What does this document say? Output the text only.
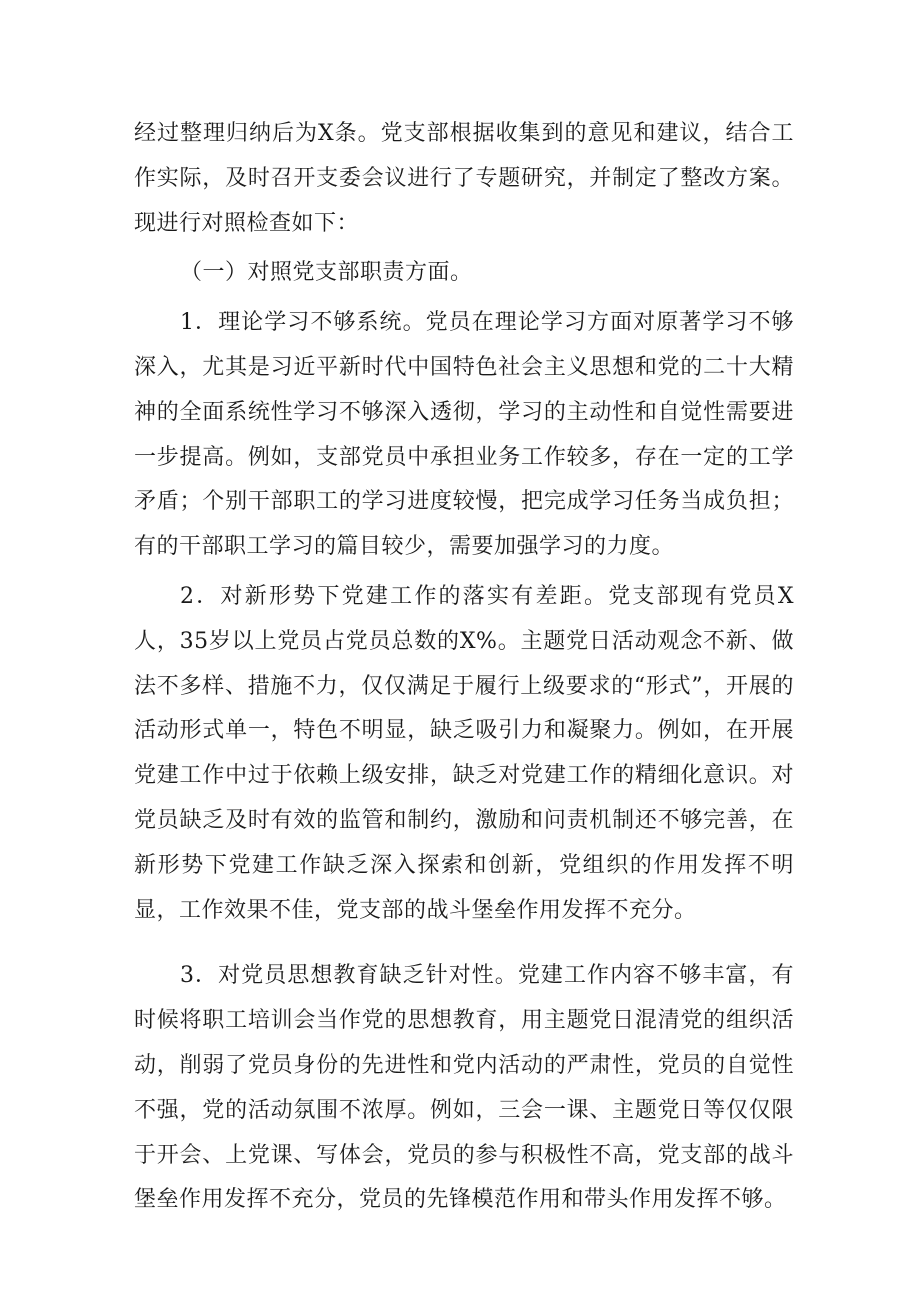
经过整理归纳后为X条。党支部根据收集到的意见和建议，结合工作实际，及时召开支委会议进行了专题研究，并制定了整改方案。现进行对照检查如下：

（一）对照党支部职责方面。

1．理论学习不够系统。党员在理论学习方面对原著学习不够深入，尤其是习近平新时代中国特色社会主义思想和党的二十大精神的全面系统性学习不够深入透彻，学习的主动性和自觉性需要进一步提高。例如，支部党员中承担业务工作较多，存在一定的工学矛盾；个别干部职工的学习进度较慢，把完成学习任务当成负担；有的干部职工学习的篇目较少，需要加强学习的力度。

2．对新形势下党建工作的落实有差距。党支部现有党员X人，35岁以上党员占党员总数的X%。主题党日活动观念不新、做法不多样、措施不力，仅仅满足于履行上级要求的“形式”，开展的活动形式单一，特色不明显，缺乏吸引力和凝聚力。例如，在开展党建工作中过于依赖上级安排，缺乏对党建工作的精细化意识。对党员缺乏及时有效的监管和制约，激励和问责机制还不够完善，在新形势下党建工作缺乏深入探索和创新，党组织的作用发挥不明显，工作效果不佳，党支部的战斗堡垒作用发挥不充分。

3．对党员思想教育缺乏针对性。党建工作内容不够丰富，有时候将职工培训会当作党的思想教育，用主题党日混清党的组织活动，削弱了党员身份的先进性和党内活动的严肃性，党员的自觉性不强，党的活动氛围不浓厚。例如，三会一课、主题党日等仅仅限于开会、上党课、写体会，党员的参与积极性不高，党支部的战斗堡垒作用发挥不充分，党员的先锋模范作用和带头作用发挥不够。
